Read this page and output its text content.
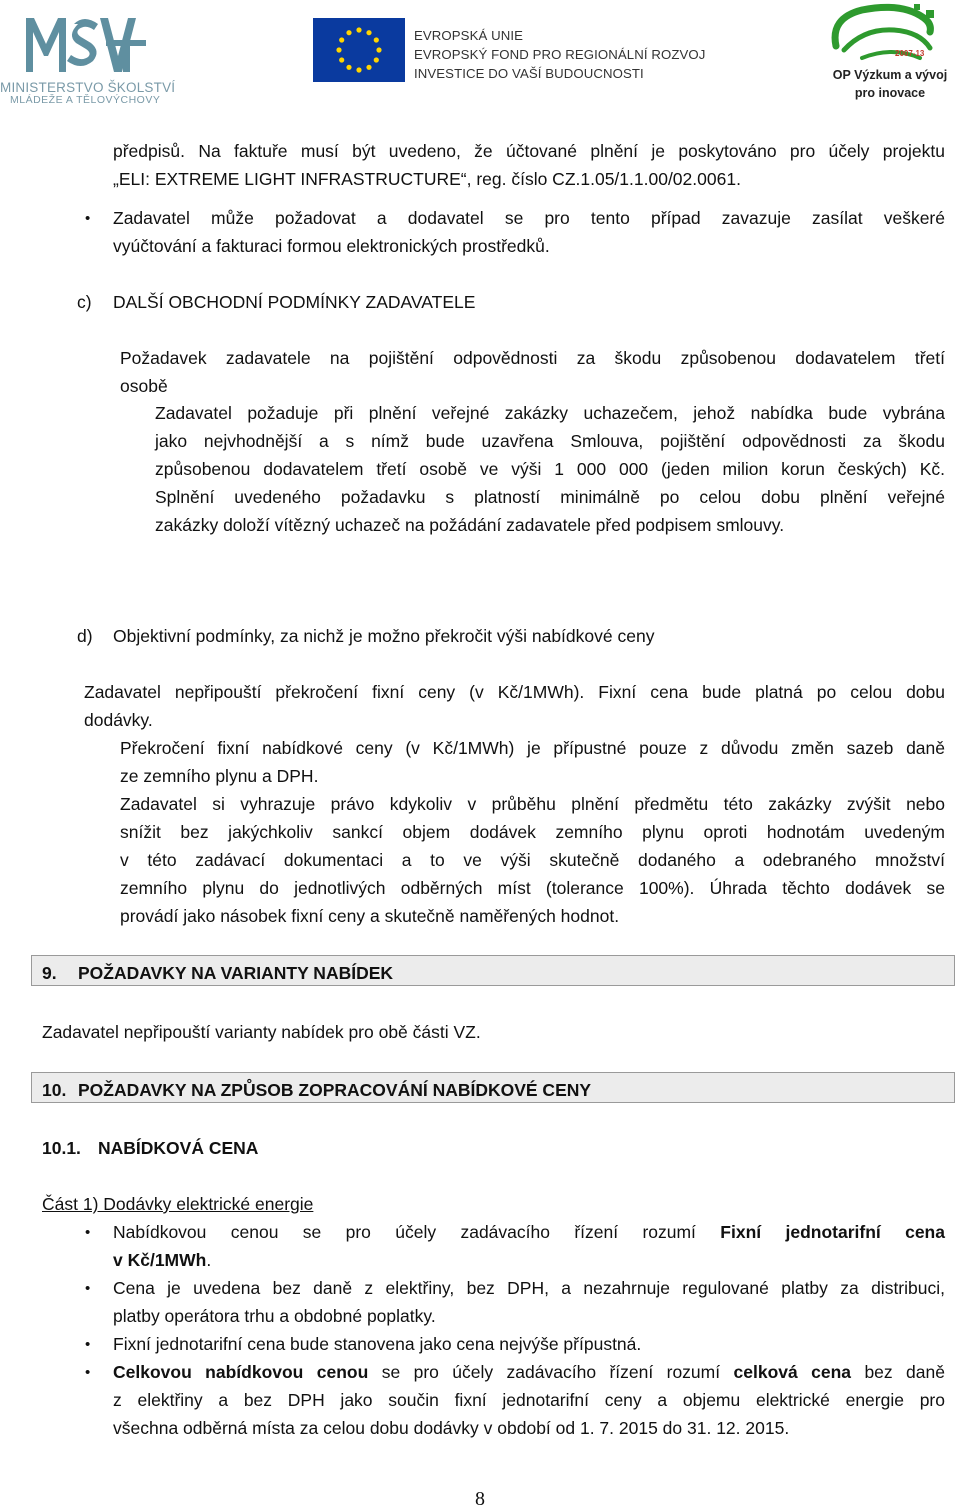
MINISTERSTVO ŠKOLSTVÍ
MLÁDEŽE A TĚLOVÝCHOVY
EVROPSKÁ UNIE
EVROPSKÝ FOND PRO REGIONÁLNÍ ROZVOJ
INVESTICE DO VAŠÍ BUDOUCNOSTI
2007-13
OP Výzkum a vývoj
pro inovace
předpisů. Na faktuře musí být uvedeno, že účtované plnění je poskytováno pro účely projektu
„ELI: EXTREME LIGHT INFRASTRUCTURE“, reg. číslo CZ.1.05/1.1.00/02.0061.
• Zadavatel může požadovat a dodavatel se pro tento případ zavazuje zasílat veškeré
vyúčtování a fakturaci formou elektronických prostředků.
c) DALŠÍ OBCHODNÍ PODMÍNKY ZADAVATELE
Požadavek zadavatele na pojištění odpovědnosti za škodu způsobenou dodavatelem třetí
osobě
Zadavatel požaduje při plnění veřejné zakázky uchazečem, jehož nabídka bude vybrána
jako nejvhodnější a s nímž bude uzavřena Smlouva, pojištění odpovědnosti za škodu
způsobenou dodavatelem třetí osobě ve výši 1 000 000 (jeden milion korun českých) Kč.
Splnění uvedeného požadavku s platností minimálně po celou dobu plnění veřejné
zakázky doloží vítězný uchazeč na požádání zadavatele před podpisem smlouvy.
d) Objektivní podmínky, za nichž je možno překročit výši nabídkové ceny
Zadavatel nepřipouští překročení fixní ceny (v Kč/1MWh). Fixní cena bude platná po celou dobu
dodávky.
Překročení fixní nabídkové ceny (v Kč/1MWh) je přípustné pouze z důvodu změn sazeb daně
ze zemního plynu a DPH.
Zadavatel si vyhrazuje právo kdykoliv v průběhu plnění předmětu této zakázky zvýšit nebo
snížit bez jakýchkoliv sankcí objem dodávek zemního plynu oproti hodnotám uvedeným
v této zadávací dokumentaci a to ve výši skutečně dodaného a odebraného množství
zemního plynu do jednotlivých odběrných míst (tolerance 100%). Úhrada těchto dodávek se
provádí jako násobek fixní ceny a skutečně naměřených hodnot.
9. POŽADAVKY NA VARIANTY NABÍDEK
Zadavatel nepřipouští varianty nabídek pro obě části VZ.
10. POŽADAVKY NA ZPŮSOB ZOPRACOVÁNÍ NABÍDKOVÉ CENY
10.1. NABÍDKOVÁ CENA
Část 1) Dodávky elektrické energie
• Nabídkovou cenou se pro účely zadávacího řízení rozumí Fixní jednotarifní cena
v Kč/1MWh.
• Cena je uvedena bez daně z elektřiny, bez DPH, a nezahrnuje regulované platby za distribuci,
platby operátora trhu a obdobné poplatky.
• Fixní jednotarifní cena bude stanovena jako cena nejvýše přípustná.
• Celkovou nabídkovou cenou se pro účely zadávacího řízení rozumí celková cena bez daně
z elektřiny a bez DPH jako součin fixní jednotarifní ceny a objemu elektrické energie pro
všechna odběrná místa za celou dobu dodávky v období od 1. 7. 2015 do 31. 12. 2015.
8
